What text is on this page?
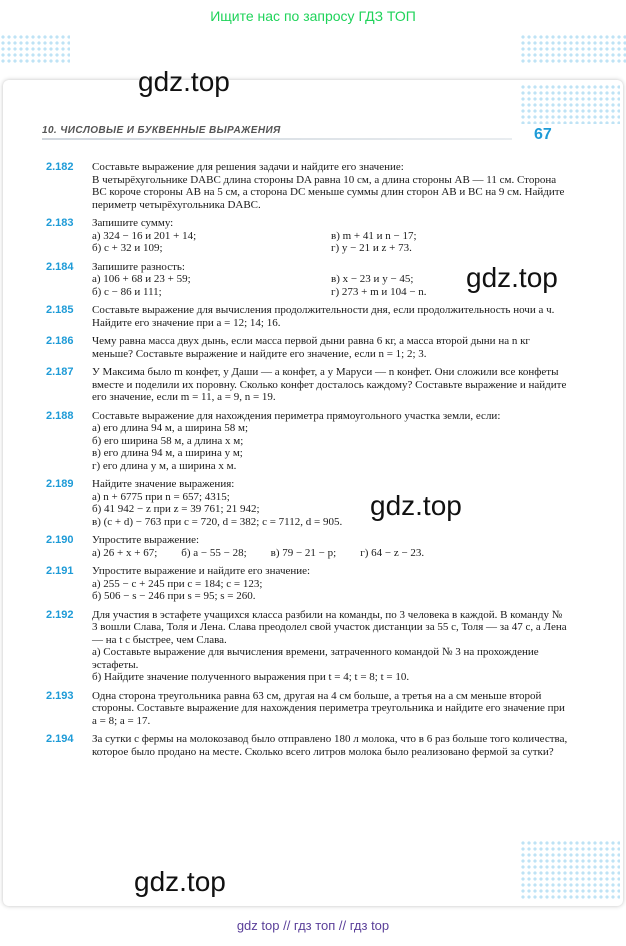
Ищите нас по запросу ГДЗ ТОП
10. ЧИСЛОВЫЕ И БУКВЕННЫЕ ВЫРАЖЕНИЯ	67
2.182 Составьте выражение для решения задачи и найдите его значение:

В четырёхугольнике DABC длина стороны DA равна 10 см, а длина стороны AB — 11 см. Сторона BC короче стороны AB на 5 см, а сторона DC меньше суммы длин сторон AB и BC на 9 см. Найдите периметр четырёхугольника DABC.

2.183 Запишите сумму:

а) 324 − 16 и 201 + 14;

б) c + 32 и 109;

в) m + 41 и n − 17;

г) y − 21 и z + 73.

2.184 Запишите разность:

а) 106 + 68 и 23 + 59;

б) c − 86 и 111;

в) x − 23 и y − 45;

г) 273 + m и 104 − n.

2.185 Составьте выражение для вычисления продолжительности дня, если продолжительность ночи a ч. Найдите его значение при a = 12; 14; 16.

2.186 Чему равна масса двух дынь, если масса первой дыни равна 6 кг, а масса второй дыни на n кг меньше? Составьте выражение и найдите его значение, если n = 1; 2; 3.

2.187 У Максима было m конфет, у Даши — a конфет, а у Маруси — n конфет. Они сложили все конфеты вместе и поделили их поровну. Сколько конфет досталось каждому? Составьте выражение и найдите его значение, если m = 11, a = 9, n = 19.

2.188 Составьте выражение для нахождения периметра прямоугольного участка земли, если:

а) его длина 94 м, а ширина 58 м;

б) его ширина 58 м, а длина x м;

в) его длина 94 м, а ширина y м;

г) его длина y м, а ширина x м.

2.189 Найдите значение выражения:

а) n + 6775 при n = 657; 4315;

б) 41 942 − z при z = 39 761; 21 942;

в) (c + d) − 763 при c = 720, d = 382; c = 7112, d = 905.

2.190 Упростите выражение:

а) 26 + x + 67; б) a − 55 − 28; в) 79 − 21 − p; г) 64 − z − 23.
2.191 Упростите выражение и найдите его значение:

а) 255 − c + 245 при c = 184; c = 123;

б) 506 − s − 246 при s = 95; s = 260.

2.192 Для участия в эстафете учащихся класса разбили на команды, по 3 человека в каждой. В команду № 3 вошли Слава, Толя и Лена. Слава преодолел свой участок дистанции за 55 с, Толя — за 47 с, а Лена — на t с быстрее, чем Слава.

а) Составьте выражение для вычисления времени, затраченного командой № 3 на прохождение эстафеты.

б) Найдите значение полученного выражения при t = 4; t = 8; t = 10.

2.193 Одна сторона треугольника равна 63 см, другая на 4 см больше, а третья на a см меньше второй стороны. Составьте выражение для нахождения периметра треугольника и найдите его значение при a = 8; a = 17.

2.194 За сутки с фермы на молокозавод было отправлено 180 л молока, что в 6 раз больше того количества, которое было продано на месте. Сколько всего литров молока было реализовано фермой за сутки?

gdz.top
gdz.top
gdz.top
gdz.top
gdz top // гдз топ // гдз top
